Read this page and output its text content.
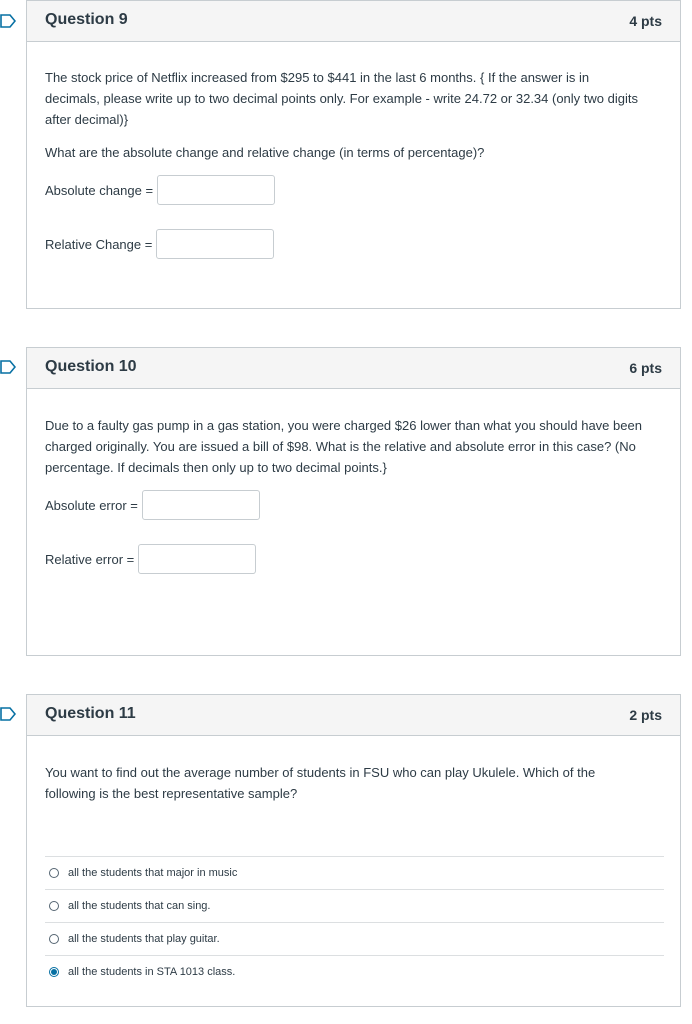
Question 9	4 pts

The stock price of Netflix increased from $295 to $441 in the last 6 months. { If the answer is in decimals, please write up to two decimal points only. For example - write 24.72 or 32.34 (only two digits after decimal)}

What are the absolute change and relative change (in terms of percentage)?

Absolute change =
Relative Change =
Question 10	6 pts

Due to a faulty gas pump in a gas station, you were charged $26 lower than what you should have been charged originally. You are issued a bill of $98. What is the relative and absolute error in this case? (No percentage. If decimals then only up to two decimal points.}

Absolute error =
Relative error =
Question 11	2 pts

You want to find out the average number of students in FSU who can play Ukulele. Which of the following is the best representative sample?

all the students that major in music
all the students that can sing.
all the students that play guitar.
all the students in STA 1013 class.
